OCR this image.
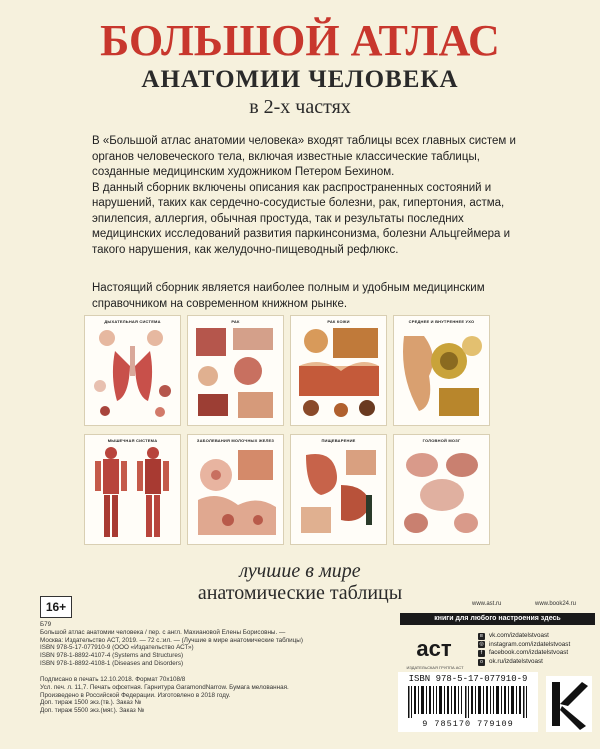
БОЛЬШОЙ АТЛАС
АНАТОМИИ ЧЕЛОВЕКА
в 2-х частях

В «Большой атлас анатомии человека» входят таблицы всех главных систем и органов человеческого тела, включая известные классические таблицы, созданные медицинским художником Петером Бехином.

В данный сборник включены описания как распространенных состояний и нарушений, таких как сердечно-сосудистые болезни, рак, гипертония, астма, эпилепсия, аллергия, обычная простуда, так и результаты последних медицинских исследований развития паркинсонизма, болезни Альцгеймера и такого нарушения, как желудочно-пищеводный рефлюкс.

Настоящий сборник является наиболее полным и удобным медицинским справочником на современном книжном рынке.

ДЫХАТЕЛЬНАЯ СИСТЕМА	РАК	РАК КОЖИ	СРЕДНЕЕ И ВНУТРЕННЕЕ УХО
МЫШЕЧНАЯ СИСТЕМА	ЗАБОЛЕВАНИЯ МОЛОЧНЫХ ЖЕЛЕЗ	ПИЩЕВАРЕНИЕ	ГОЛОВНОЙ МОЗГ
лучшие в мире
анатомические таблицы
16+
Б79
Большой атлас анатомии человека / пер. с англ. Махиановой Елены Борисовны. —
Москва: Издательство АСТ, 2019. — 72 с.:ил. — (Лучшие в мире анатомические таблицы)
ISBN 978-5-17-077910-9 (ООО «Издательство АСТ»)
ISBN 978-1-8892-4107-4 (Systems and Structures)
ISBN 978-1-8892-4108-1 (Diseases and Disorders)
Подписано в печать 12.10.2018. Формат 70х108/8
Усл. печ. л. 11,7. Печать офсетная. Гарнитура GaramondNarrow. Бумага мелованная.
Произведено в Российской Федерации. Изготовлено в 2018 году.
Доп. тираж 1500 экз.(тв.). Заказ №
Доп. тираж 5500 экз.(мяг.). Заказ №
www.ast.ru	www.book24.ru
книги для любого настроения здесь
аст
ИЗДАТЕЛЬСКАЯ ГРУППА АСТ
в vk.com/izdatelstvoast
◎ instagram.com/izdatelstvoast
f	facebook.com/izdatelstvoast
о ok.ru/izdatelstvoast
ISBN 978-5-17-077910-9
9 785170 779109
